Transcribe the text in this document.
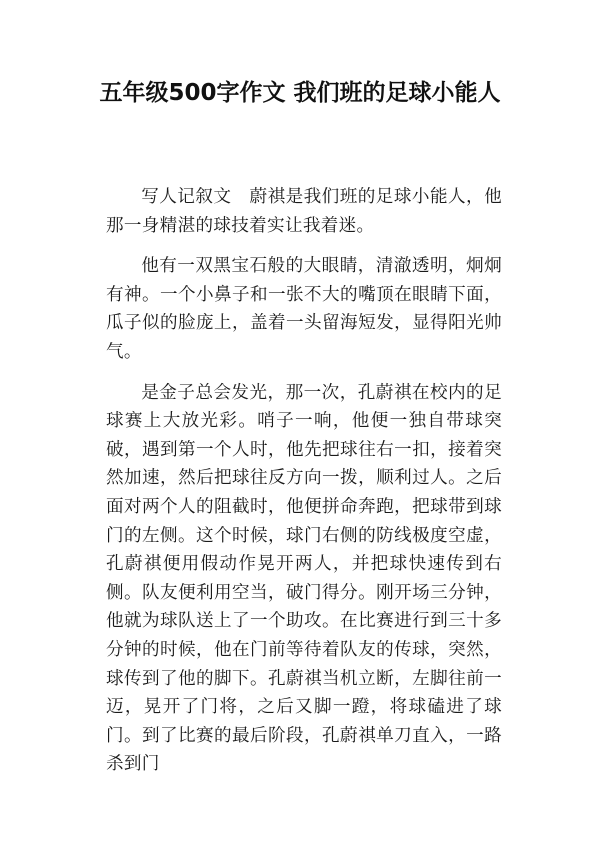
五年级500字作文 我们班的足球小能人

写人记叙文　蔚祺是我们班的足球小能人，他那一身精湛的球技着实让我着迷。

他有一双黑宝石般的大眼睛，清澈透明，炯炯有神。一个小鼻子和一张不大的嘴顶在眼睛下面，瓜子似的脸庞上，盖着一头留海短发，显得阳光帅气。

是金子总会发光，那一次，孔蔚祺在校内的足球赛上大放光彩。哨子一响，他便一独自带球突破，遇到第一个人时，他先把球往右一扣，接着突然加速，然后把球往反方向一拨，顺利过人。之后面对两个人的阻截时，他便拼命奔跑，把球带到球门的左侧。这个时候，球门右侧的防线极度空虚，孔蔚祺便用假动作晃开两人，并把球快速传到右侧。队友便利用空当，破门得分。刚开场三分钟，他就为球队送上了一个助攻。在比赛进行到三十多分钟的时候，他在门前等待着队友的传球，突然，球传到了他的脚下。孔蔚祺当机立断，左脚往前一迈，晃开了门将，之后又脚一蹬，将球磕进了球门。到了比赛的最后阶段，孔蔚祺单刀直入，一路杀到门
